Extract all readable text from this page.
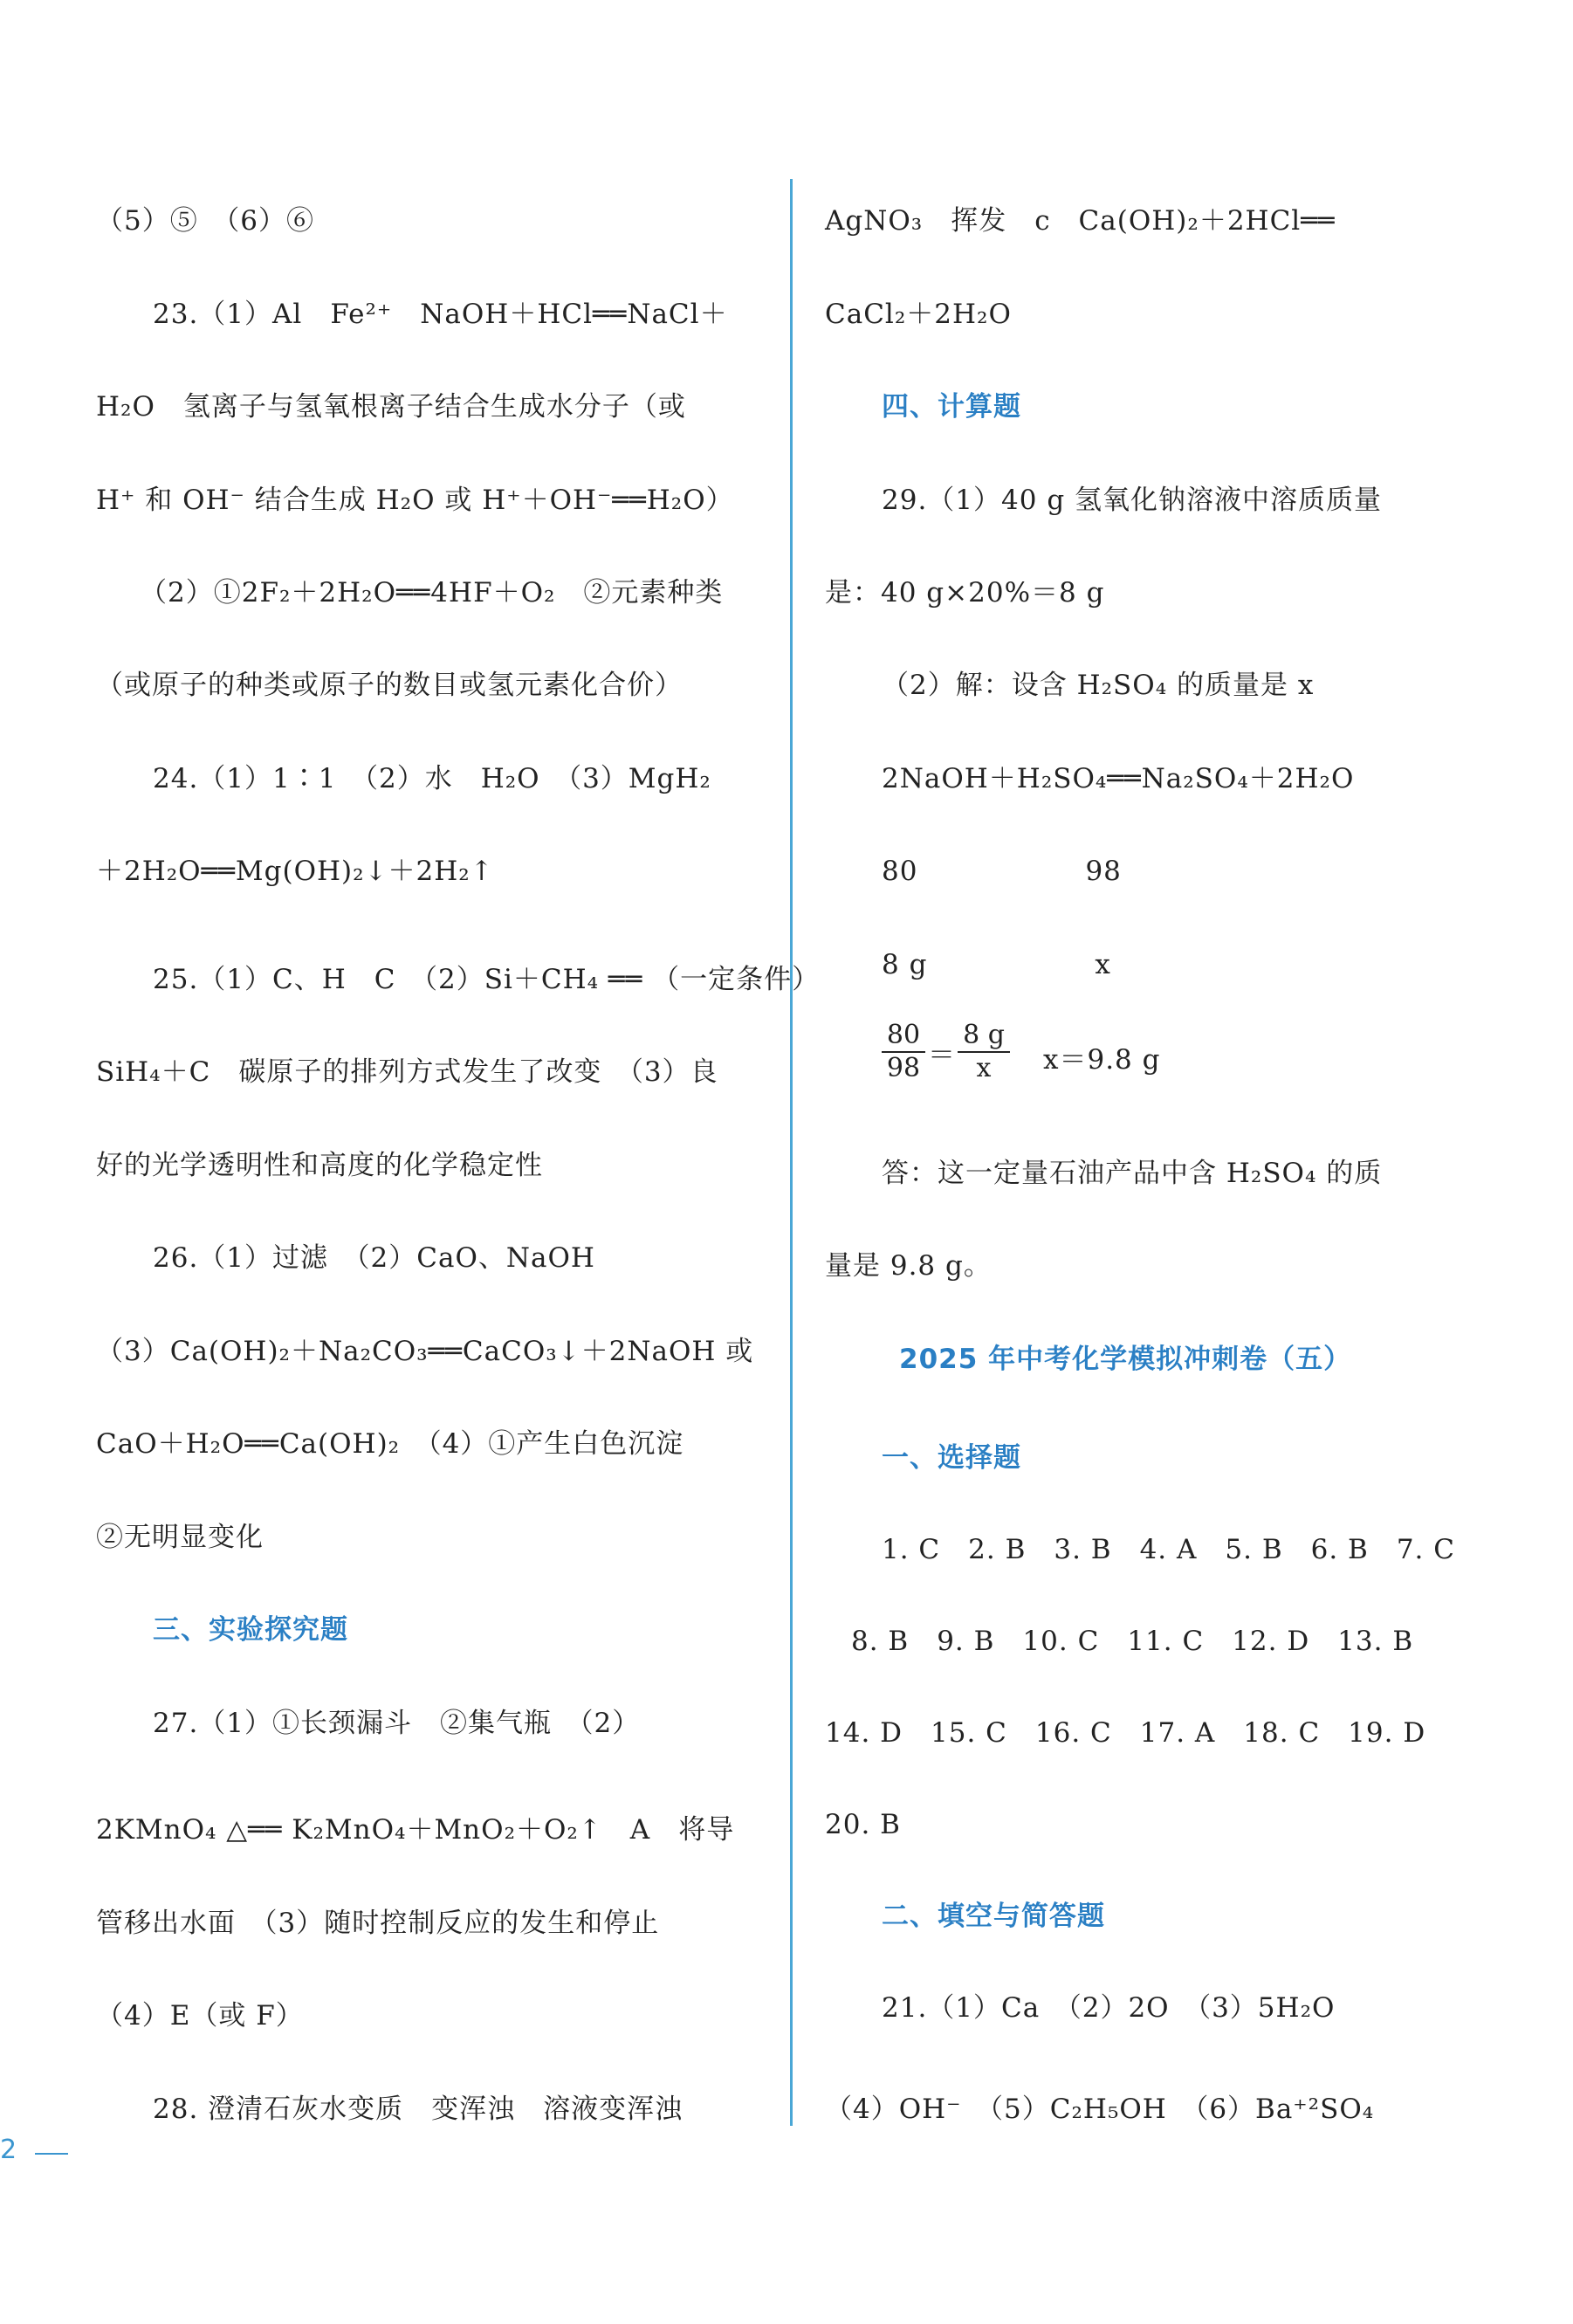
（5）⑤　（6）⑥
23.（1）Al　Fe²⁺　NaOH＋HCl══NaCl＋
H₂O　氢离子与氢氧根离子结合生成水分子（或
H⁺ 和 OH⁻ 结合生成 H₂O 或 H⁺＋OH⁻══H₂O）
（2）①2F₂＋2H₂O══4HF＋O₂　②元素种类
（或原子的种类或原子的数目或氢元素化合价）
24.（1）1∶1　（2）水　H₂O　（3）MgH₂
＋2H₂O══Mg(OH)₂↓＋2H₂↑
25.（1）C、H　C　（2）Si＋CH₄ ══ （一定条件）
SiH₄＋C　碳原子的排列方式发生了改变　（3）良
好的光学透明性和高度的化学稳定性
26.（1）过滤　（2）CaO、NaOH
（3）Ca(OH)₂＋Na₂CO₃══CaCO₃↓＋2NaOH 或
CaO＋H₂O══Ca(OH)₂　（4）①产生白色沉淀
②无明显变化
三、实验探究题
27.（1）①长颈漏斗　②集气瓶　（2）
2KMnO₄ △══ K₂MnO₄＋MnO₂＋O₂↑　A　将导
管移出水面　（3）随时控制反应的发生和停止
（4）E（或 F）
28. 澄清石灰水变质　变浑浊　溶液变浑浊
AgNO₃　挥发　c　Ca(OH)₂＋2HCl══
CaCl₂＋2H₂O
四、计算题
29.（1）40 g 氢氧化钠溶液中溶质质量
是：40 g×20%＝8 g
（2）解：设含 H₂SO₄ 的质量是 x
2NaOH＋H₂SO₄══Na₂SO₄＋2H₂O
80　　　　　　98
8 g　　　　　　x
80
98 ＝
8 g
x	x＝9.8 g
答：这一定量石油产品中含 H₂SO₄ 的质
量是 9.8 g。
2025 年中考化学模拟冲刺卷（五）
一、选择题
1. C　2. B　3. B　4. A　5. B　6. B　7. C
8. B　9. B　10. C　11. C　12. D　13. B
14. D　15. C　16. C　17. A　18. C　19. D
20. B
二、填空与简答题
21.（1）Ca　（2）2O　（3）5H₂O
（4）OH⁻　（5）C₂H₅OH　（6）Ba⁺²SO₄
2
